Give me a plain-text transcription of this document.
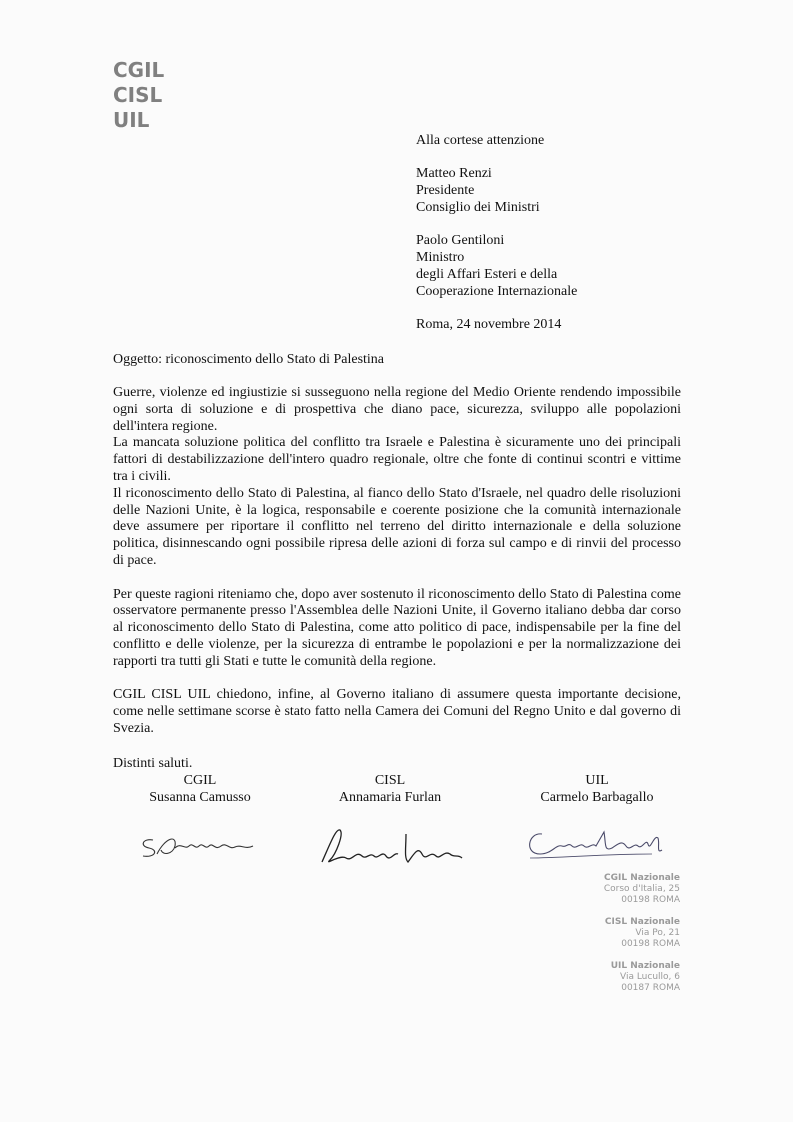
CGIL
CISL
UIL
Alla cortese attenzione
Matteo Renzi
Presidente
Consiglio dei Ministri
Paolo Gentiloni
Ministro
degli Affari Esteri e della
Cooperazione Internazionale
Roma, 24 novembre 2014
Oggetto: riconoscimento dello Stato di Palestina

Guerre, violenze ed ingiustizie si susseguono nella regione del Medio Oriente rendendo impossibile ogni sorta di soluzione e di prospettiva che diano pace, sicurezza, sviluppo alle popolazioni dell'intera regione.

La mancata soluzione politica del conflitto tra Israele e Palestina è sicuramente uno dei principali fattori di destabilizzazione dell'intero quadro regionale, oltre che fonte di continui scontri e vittime tra i civili.

Il riconoscimento dello Stato di Palestina, al fianco dello Stato d'Israele, nel quadro delle risoluzioni delle Nazioni Unite, è la logica, responsabile e coerente posizione che la comunità internazionale deve assumere per riportare il conflitto nel terreno del diritto internazionale e della soluzione politica, disinnescando ogni possibile ripresa delle azioni di forza sul campo e di rinvii del processo di pace.

Per queste ragioni riteniamo che, dopo aver sostenuto il riconoscimento dello Stato di Palestina come osservatore permanente presso l'Assemblea delle Nazioni Unite, il Governo italiano debba dar corso al riconoscimento dello Stato di Palestina, come atto politico di pace, indispensabile per la fine del conflitto e delle violenze, per la sicurezza di entrambe le popolazioni e per la normalizzazione dei rapporti tra tutti gli Stati e tutte le comunità della regione.

CGIL CISL UIL chiedono, infine, al Governo italiano di assumere questa importante decisione, come nelle settimane scorse è stato fatto nella Camera dei Comuni del Regno Unito e dal governo di Svezia.

Distinti saluti.
CGIL
Susanna Camusso
CISL
Annamaria Furlan
UIL
Carmelo Barbagallo
CGIL Nazionale
Corso d'Italia, 25
00198 ROMA
CISL Nazionale
Via Po, 21
00198 ROMA
UIL Nazionale
Via Lucullo, 6
00187 ROMA
